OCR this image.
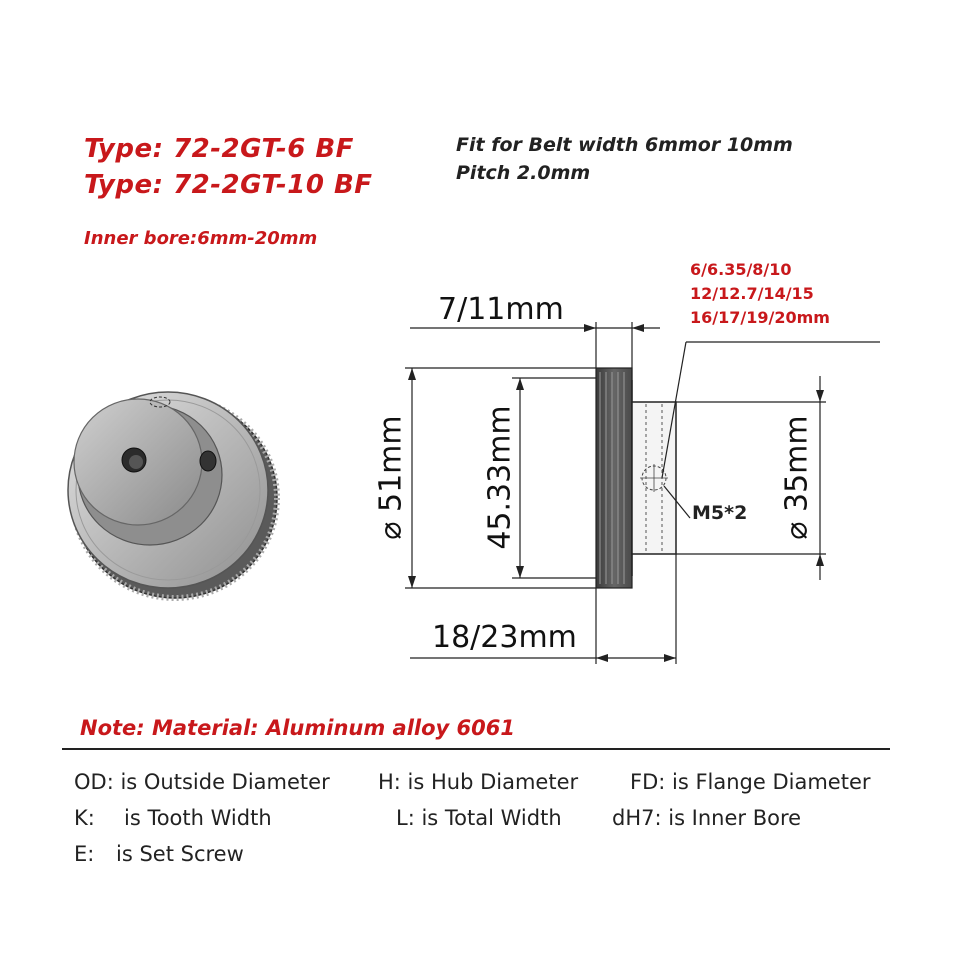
Type: 72-2GT-6 BF
Type: 72-2GT-10 BF
Inner bore:6mm-20mm
Fit for Belt width 6mmor 10mm
Pitch 2.0mm
6/6.35/8/10
12/12.7/14/15
16/17/19/20mm
7/11mm
18/23mm
⌀ 51mm 45.33mm	⌀ 35mm
M5*2
Note: Material: Aluminum alloy 6061
OD: is Outside Diameter H: is Hub Diameter FD: is Flange Diameter
K: is Tooth Width	L: is Total Width dH7: is Inner Bore
E: is Set Screw
